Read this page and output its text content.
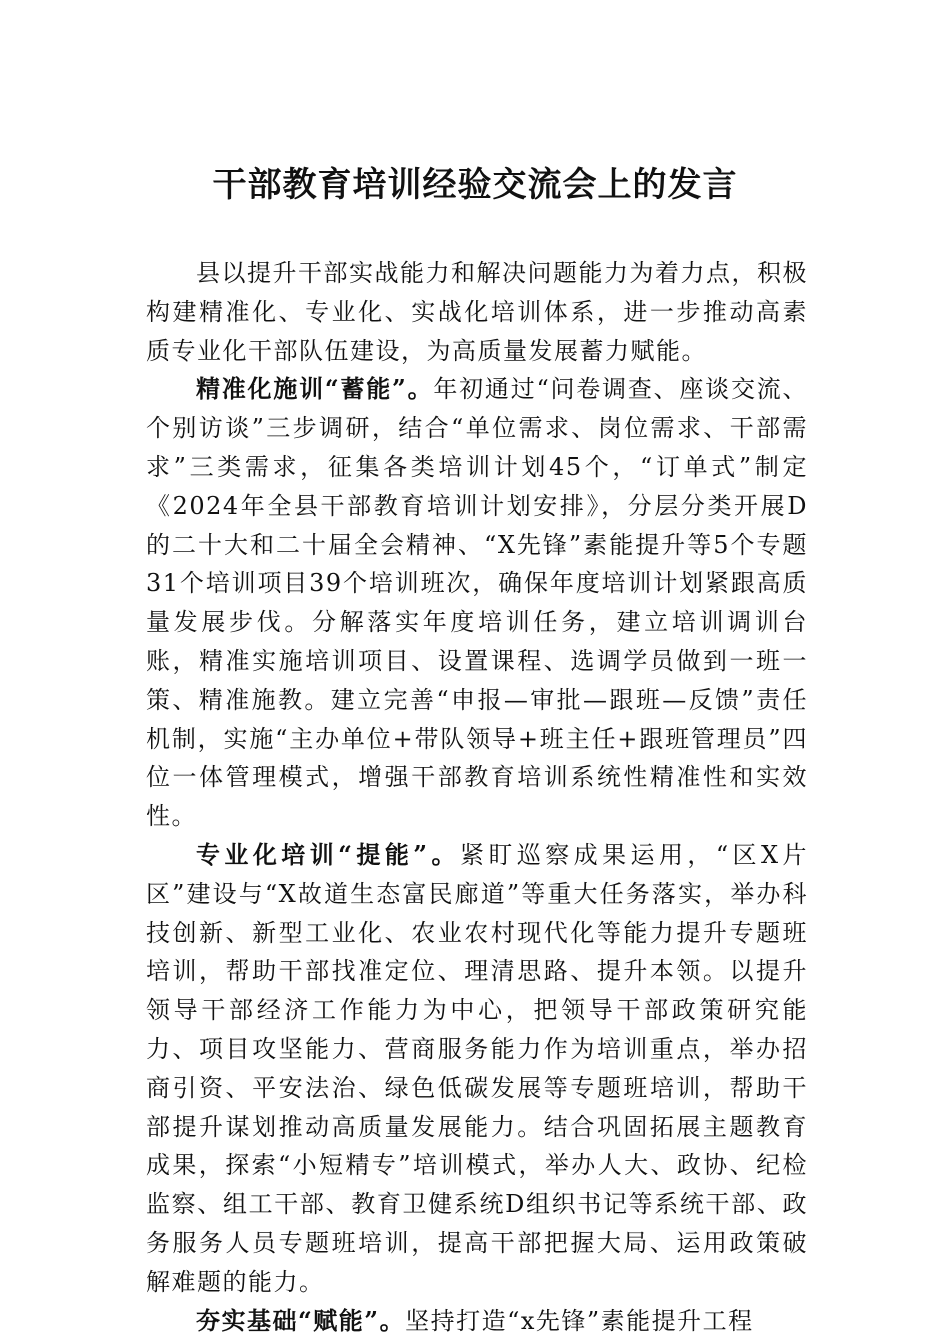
干部教育培训经验交流会上的发言

县以提升干部实战能力和解决问题能力为着力点，积极构建精准化、专业化、实战化培训体系，进一步推动高素质专业化干部队伍建设，为高质量发展蓄力赋能。

精准化施训“蓄能”。年初通过“问卷调查、座谈交流、个别访谈”三步调研，结合“单位需求、岗位需求、干部需求”三类需求，征集各类培训计划45个，“订单式”制定《2024年全县干部教育培训计划安排》，分层分类开展D的二十大和二十届全会精神、“X先锋”素能提升等5个专题31个培训项目39个培训班次，确保年度培训计划紧跟高质量发展步伐。分解落实年度培训任务，建立培训调训台账，精准实施培训项目、设置课程、选调学员做到一班一策、精准施教。建立完善“申报—审批—跟班—反馈”责任机制，实施“主办单位+带队领导+班主任+跟班管理员”四位一体管理模式，增强干部教育培训系统性精准性和实效性。

专业化培训“提能”。紧盯巡察成果运用，“区X片区”建设与“X故道生态富民廊道”等重大任务落实，举办科技创新、新型工业化、农业农村现代化等能力提升专题班培训，帮助干部找准定位、理清思路、提升本领。以提升领导干部经济工作能力为中心，把领导干部政策研究能力、项目攻坚能力、营商服务能力作为培训重点，举办招商引资、平安法治、绿色低碳发展等专题班培训，帮助干部提升谋划推动高质量发展能力。结合巩固拓展主题教育成果，探索“小短精专”培训模式，举办人大、政协、纪检监察、组工干部、教育卫健系统D组织书记等系统干部、政务服务人员专题班培训，提高干部把握大局、运用政策破解难题的能力。

夯实基础“赋能”。坚持打造“x先锋”素能提升工程
